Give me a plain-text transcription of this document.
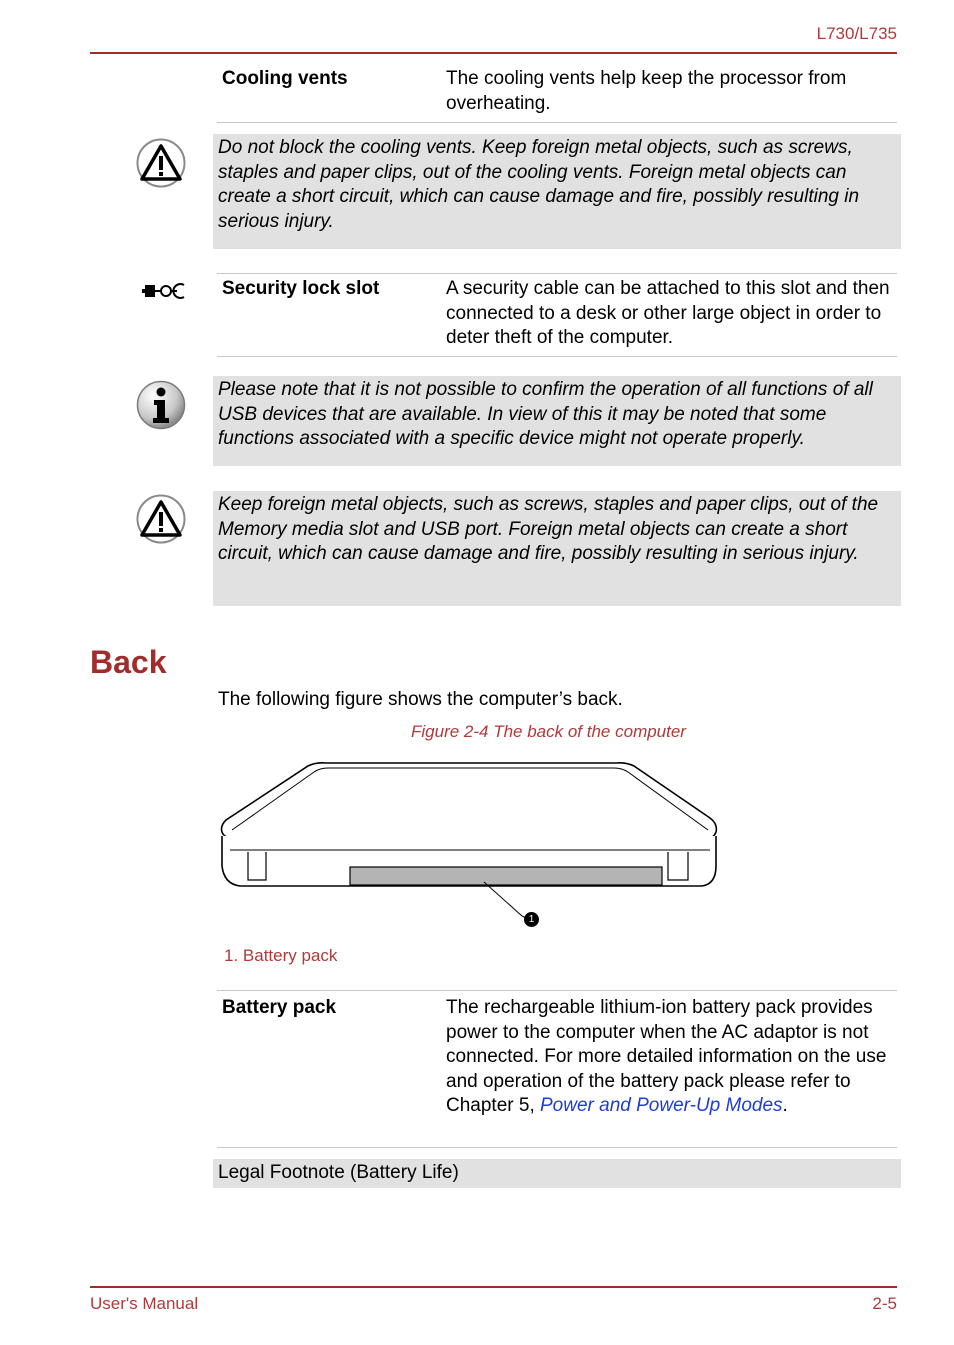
L730/L735
Cooling vents	The cooling vents help keep the processor from overheating.
Do not block the cooling vents. Keep foreign metal objects, such as screws, staples and paper clips, out of the cooling vents. Foreign metal objects can create a short circuit, which can cause damage and fire, possibly resulting in serious injury.
Security lock slot	A security cable can be attached to this slot and then connected to a desk or other large object in order to deter theft of the computer.
Please note that it is not possible to confirm the operation of all functions of all USB devices that are available. In view of this it may be noted that some functions associated with a specific device might not operate properly.
Keep foreign metal objects, such as screws, staples and paper clips, out of the Memory media slot and USB port. Foreign metal objects can create a short circuit, which can cause damage and fire, possibly resulting in serious injury.
Back
The following figure shows the computer’s back.
Figure 2-4 The back of the computer
1
1. Battery pack
Battery pack	The rechargeable lithium-ion battery pack provides power to the computer when the AC adaptor is not connected. For more detailed information on the use and operation of the battery pack please refer to Chapter 5, Power and Power-Up Modes.
Legal Footnote (Battery Life)
User's Manual	2-5
